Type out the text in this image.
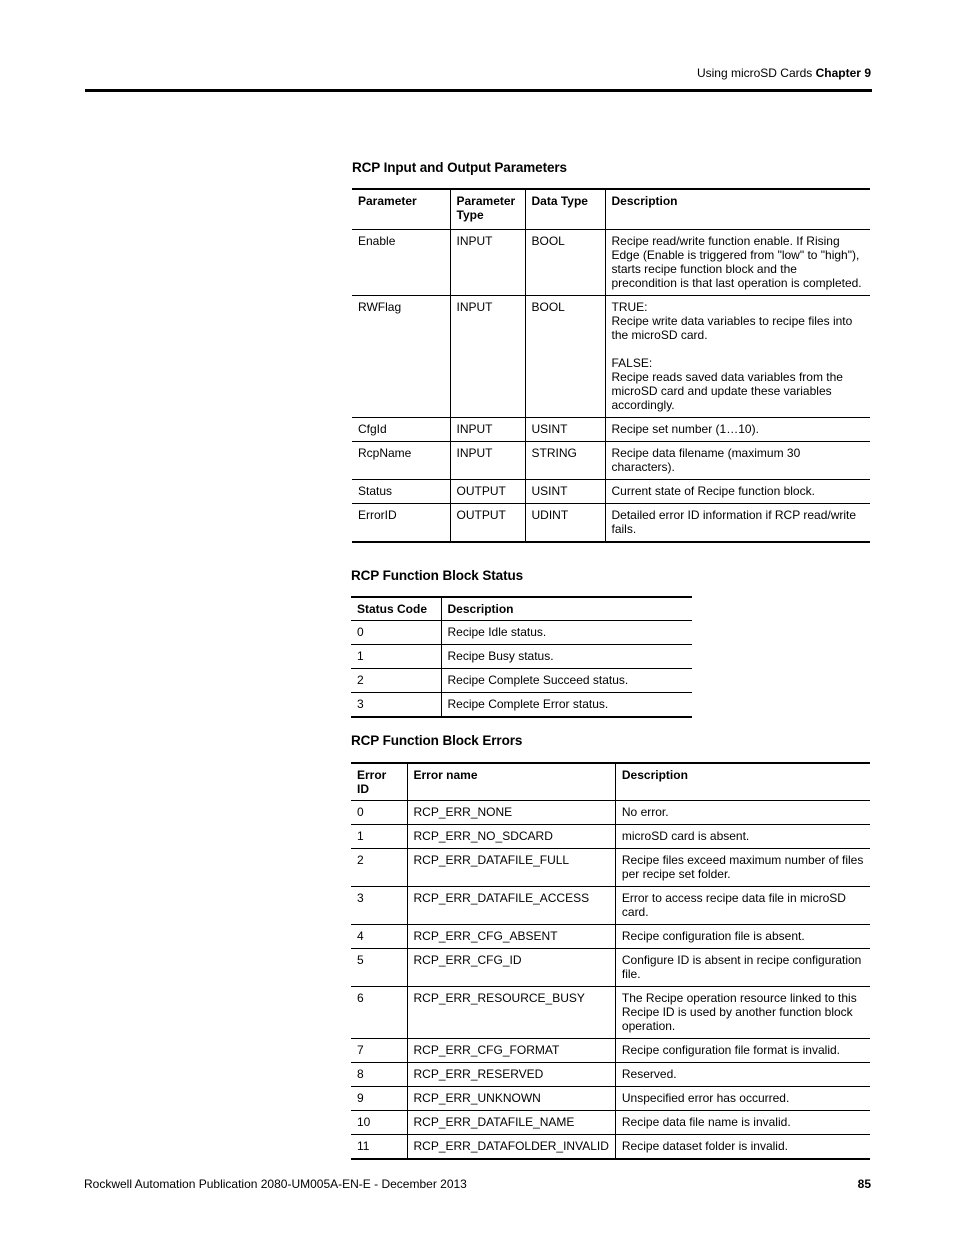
Using microSD Cards Chapter 9
RCP Input and Output Parameters
Parameter	Parameter Type	Data Type	Description
Enable	INPUT	BOOL	Recipe read/write function enable. If Rising Edge (Enable is triggered from "low" to "high"), starts recipe function block and the precondition is that last operation is completed.
RWFlag	INPUT	BOOL	TRUE:
Recipe write data variables to recipe files into the microSD card.

FALSE:
Recipe reads saved data variables from the microSD card and update these variables accordingly.
CfgId	INPUT	USINT	Recipe set number (1…10).
RcpName	INPUT	STRING	Recipe data filename (maximum 30 characters).
Status	OUTPUT	USINT	Current state of Recipe function block.
ErrorID	OUTPUT	UDINT	Detailed error ID information if RCP read/write fails.
RCP Function Block Status
Status Code	Description
0	Recipe Idle status.
1	Recipe Busy status.
2	Recipe Complete Succeed status.
3	Recipe Complete Error status.
RCP Function Block Errors
Error ID	Error name	Description
0	RCP_ERR_NONE	No error.
1	RCP_ERR_NO_SDCARD	microSD card is absent.
2	RCP_ERR_DATAFILE_FULL	Recipe files exceed maximum number of files per recipe set folder.
3	RCP_ERR_DATAFILE_ACCESS	Error to access recipe data file in microSD card.
4	RCP_ERR_CFG_ABSENT	Recipe configuration file is absent.
5	RCP_ERR_CFG_ID	Configure ID is absent in recipe configuration file.
6	RCP_ERR_RESOURCE_BUSY	The Recipe operation resource linked to this Recipe ID is used by another function block operation.
7	RCP_ERR_CFG_FORMAT	Recipe configuration file format is invalid.
8	RCP_ERR_RESERVED	Reserved.
9	RCP_ERR_UNKNOWN	Unspecified error has occurred.
10	RCP_ERR_DATAFILE_NAME	Recipe data file name is invalid.
11	RCP_ERR_DATAFOLDER_INVALID	Recipe dataset folder is invalid.
Rockwell Automation Publication 2080-UM005A-EN-E - December 2013	85
